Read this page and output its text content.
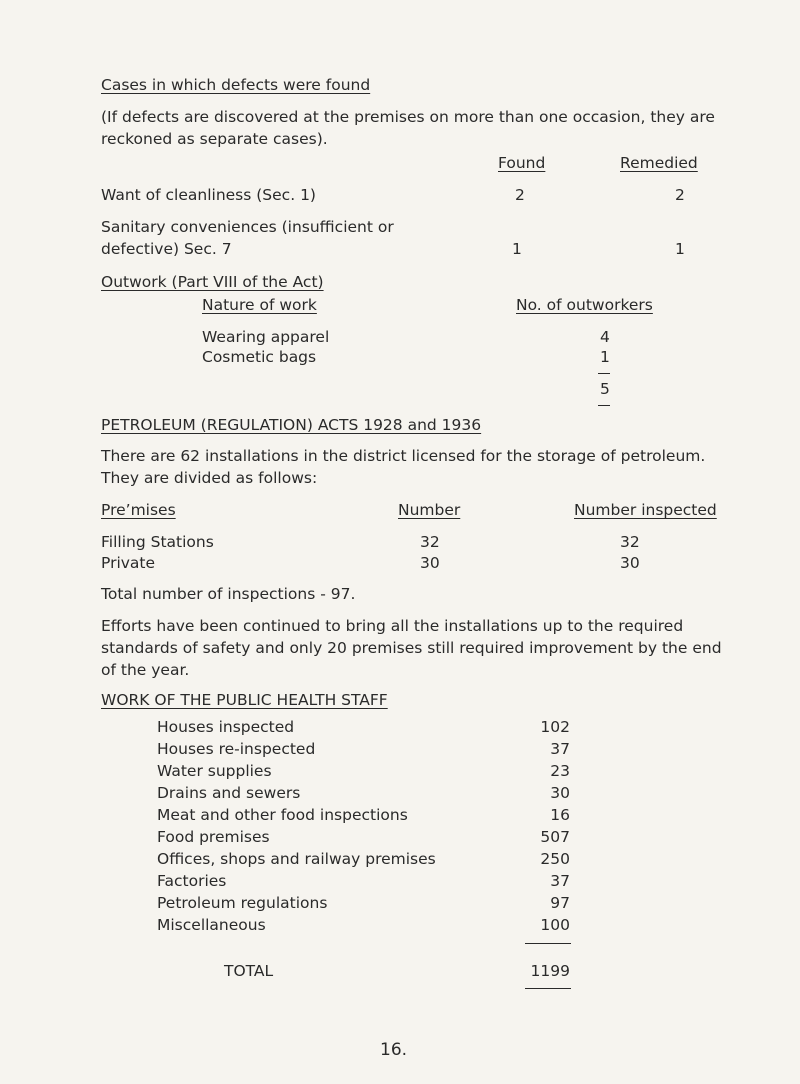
Cases in which defects were found
(If defects are discovered at the premises on more than one occasion, they are
reckoned as separate cases).
Found	Remedied
Want of cleanliness (Sec. 1)	2	2
Sanitary conveniences (insufficient or
defective) Sec. 7	1	1
Outwork (Part VIII of the Act)
Nature of work	No. of outworkers
Wearing apparel	4
Cosmetic bags	1
5
PETROLEUM (REGULATION) ACTS 1928 and 1936
There are 62 installations in the district licensed for the storage of petroleum.
They are divided as follows:
Pre’mises	Number	Number inspected
Filling Stations	32	32
Private	30	30
Total number of inspections - 97.
Efforts have been continued to bring all the installations up to the required
standards of safety and only 20 premises still required improvement by the end
of the year.
WORK OF THE PUBLIC HEALTH STAFF
Houses inspected	102
Houses re-inspected	37
Water supplies	23
Drains and sewers	30
Meat and other food inspections	16
Food premises	507
Offices, shops and railway premises	250
Factories	37
Petroleum regulations	97
Miscellaneous	100
TOTAL	1199
16.
